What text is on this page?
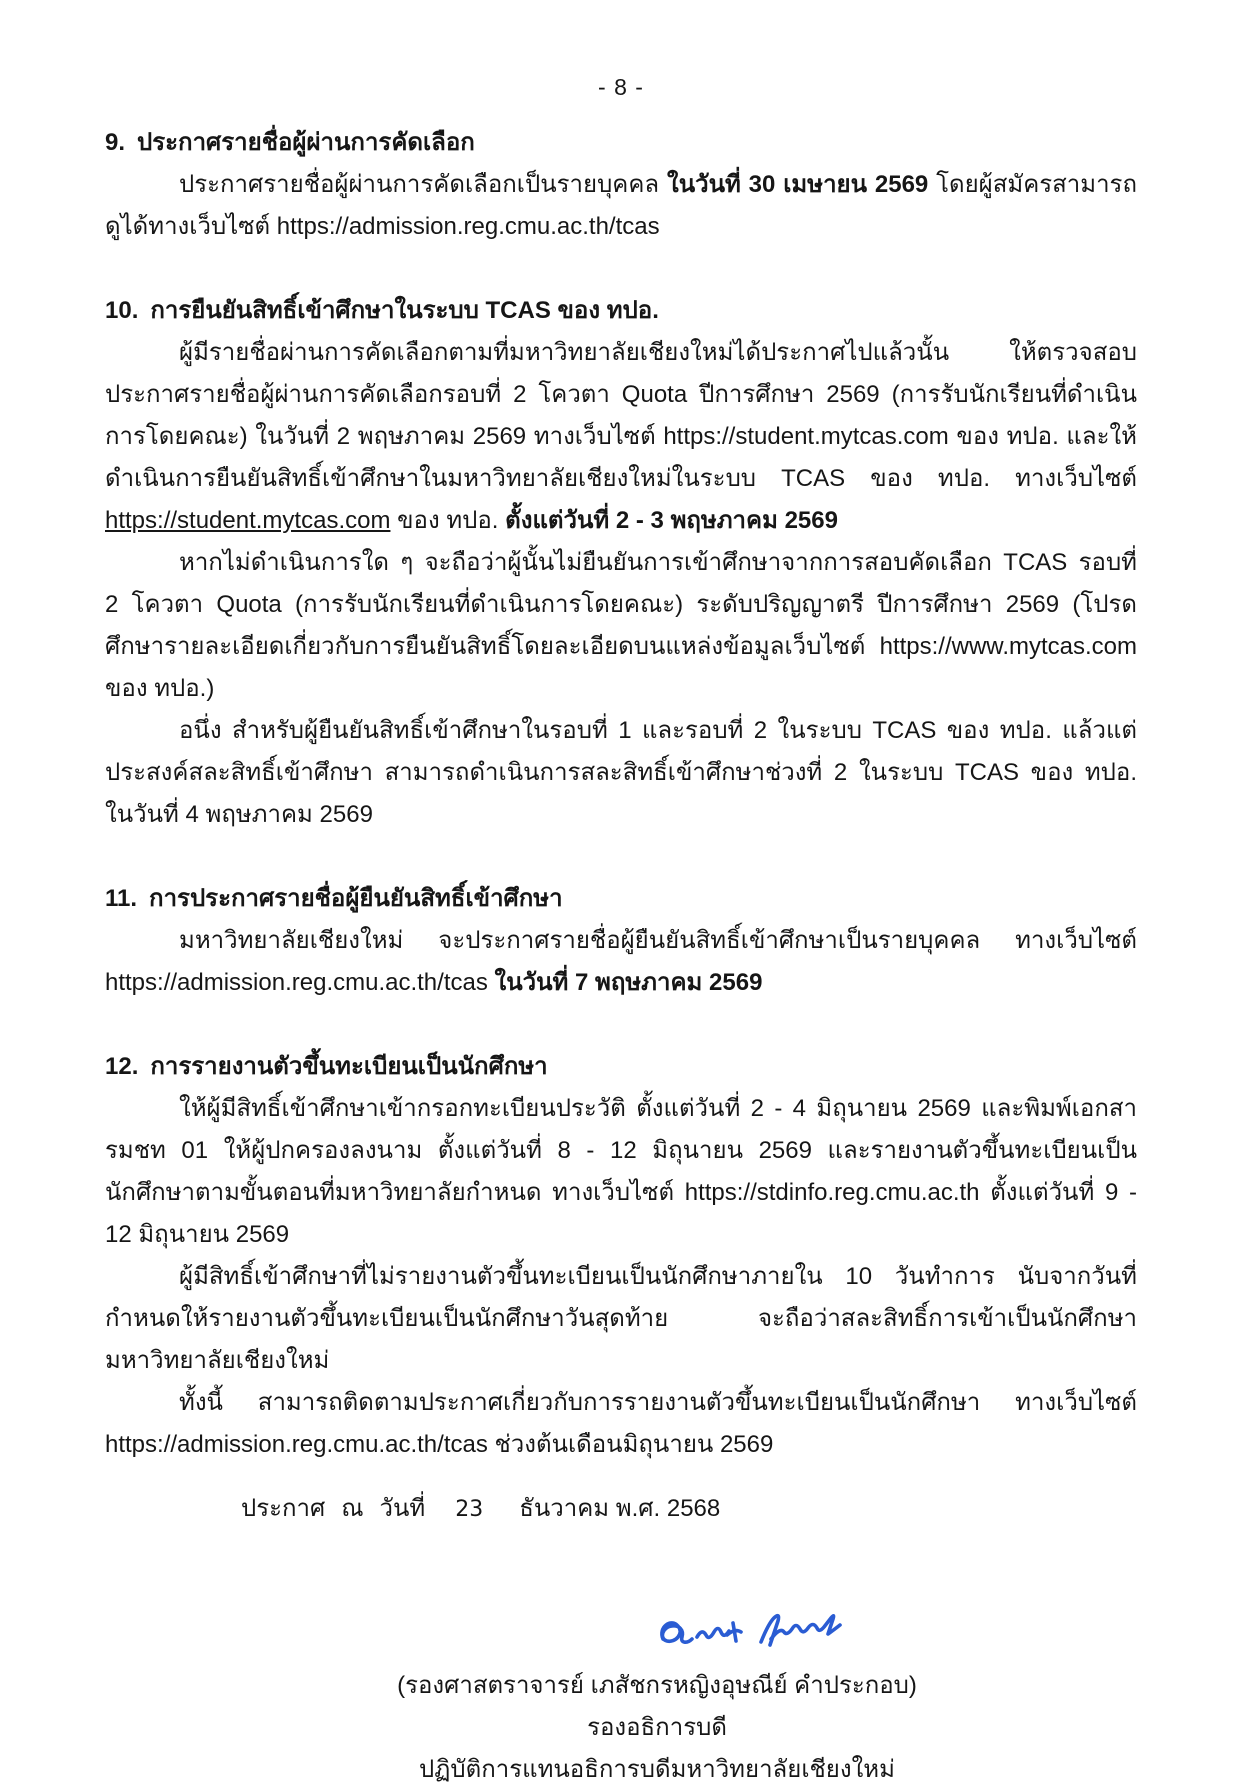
- 8 -
9. ประกาศรายชื่อผู้ผ่านการคัดเลือก

ประกาศรายชื่อผู้ผ่านการคัดเลือกเป็นรายบุคคล ในวันที่ 30 เมษายน 2569 โดยผู้สมัครสามารถดูได้ทางเว็บไซต์ https://admission.reg.cmu.ac.th/tcas

10. การยืนยันสิทธิ์เข้าศึกษาในระบบ TCAS ของ ทปอ.

ผู้มีรายชื่อผ่านการคัดเลือกตามที่มหาวิทยาลัยเชียงใหม่ได้ประกาศไปแล้วนั้น ให้ตรวจสอบประกาศรายชื่อผู้ผ่านการคัดเลือกรอบที่ 2 โควตา Quota ปีการศึกษา 2569 (การรับนักเรียนที่ดำเนินการโดยคณะ) ในวันที่ 2 พฤษภาคม 2569 ทางเว็บไซต์ https://student.mytcas.com ของ ทปอ. และให้ดำเนินการยืนยันสิทธิ์เข้าศึกษาในมหาวิทยาลัยเชียงใหม่ในระบบ TCAS ของ ทปอ. ทางเว็บไซต์ https://student.mytcas.com ของ ทปอ. ตั้งแต่วันที่ 2 - 3 พฤษภาคม 2569

หากไม่ดำเนินการใด ๆ จะถือว่าผู้นั้นไม่ยืนยันการเข้าศึกษาจากการสอบคัดเลือก TCAS รอบที่ 2 โควตา Quota (การรับนักเรียนที่ดำเนินการโดยคณะ) ระดับปริญญาตรี ปีการศึกษา 2569 (โปรดศึกษารายละเอียดเกี่ยวกับการยืนยันสิทธิ์โดยละเอียดบนแหล่งข้อมูลเว็บไซต์ https://www.mytcas.com ของ ทปอ.)

อนึ่ง สำหรับผู้ยืนยันสิทธิ์เข้าศึกษาในรอบที่ 1 และรอบที่ 2 ในระบบ TCAS ของ ทปอ. แล้วแต่ประสงค์สละสิทธิ์เข้าศึกษา สามารถดำเนินการสละสิทธิ์เข้าศึกษาช่วงที่ 2 ในระบบ TCAS ของ ทปอ. ในวันที่ 4 พฤษภาคม 2569

11. การประกาศรายชื่อผู้ยืนยันสิทธิ์เข้าศึกษา

มหาวิทยาลัยเชียงใหม่ จะประกาศรายชื่อผู้ยืนยันสิทธิ์เข้าศึกษาเป็นรายบุคคล ทางเว็บไซต์ https://admission.reg.cmu.ac.th/tcas ในวันที่ 7 พฤษภาคม 2569

12. การรายงานตัวขึ้นทะเบียนเป็นนักศึกษา

ให้ผู้มีสิทธิ์เข้าศึกษาเข้ากรอกทะเบียนประวัติ ตั้งแต่วันที่ 2 - 4 มิถุนายน 2569 และพิมพ์เอกสารมชท 01 ให้ผู้ปกครองลงนาม ตั้งแต่วันที่ 8 - 12 มิถุนายน 2569 และรายงานตัวขึ้นทะเบียนเป็นนักศึกษาตามขั้นตอนที่มหาวิทยาลัยกำหนด ทางเว็บไซต์ https://stdinfo.reg.cmu.ac.th ตั้งแต่วันที่ 9 - 12 มิถุนายน 2569

ผู้มีสิทธิ์เข้าศึกษาที่ไม่รายงานตัวขึ้นทะเบียนเป็นนักศึกษาภายใน 10 วันทำการ นับจากวันที่กำหนดให้รายงานตัวขึ้นทะเบียนเป็นนักศึกษาวันสุดท้าย จะถือว่าสละสิทธิ์การเข้าเป็นนักศึกษามหาวิทยาลัยเชียงใหม่

ทั้งนี้ สามารถติดตามประกาศเกี่ยวกับการรายงานตัวขึ้นทะเบียนเป็นนักศึกษา ทางเว็บไซต์ https://admission.reg.cmu.ac.th/tcas ช่วงต้นเดือนมิถุนายน 2569

ประกาศ ณ วันที่ 23 ธันวาคม พ.ศ. 2568
(รองศาสตราจารย์ เภสัชกรหญิงอุษณีย์ คำประกอบ)
รองอธิการบดี
ปฏิบัติการแทนอธิการบดีมหาวิทยาลัยเชียงใหม่
